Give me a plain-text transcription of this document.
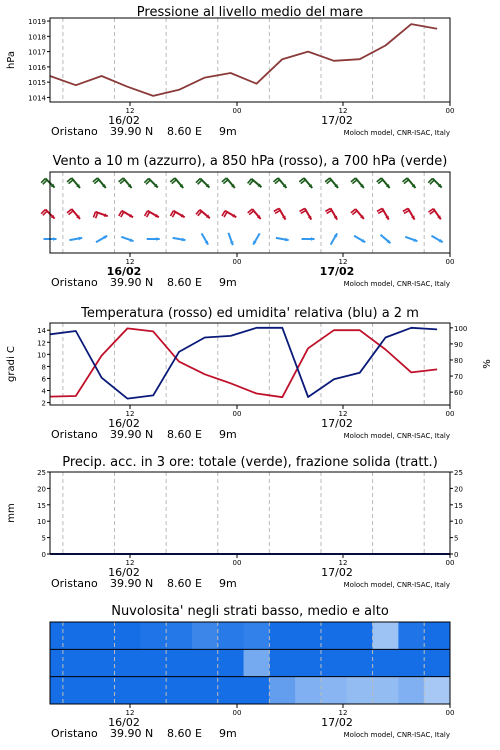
Pressione al livello medio del mare
1014
1015
1016
1017
1018
1019
hPa
12	00	12	00
16/02	17/02
Oristano 39.90 N 8.60 E 9m	Moloch model, CNR-ISAC, Italy
Vento a 10 m (azzurro), a 850 hPa (rosso), a 700 hPa (verde)
12	00	12	00
16/02	17/02
Oristano 39.90 N 8.60 E 9m	Moloch model, CNR-ISAC, Italy
Temperatura (rosso) ed umidita' relativa (blu) a 2 m
2
4
6
8
10
12
14
60
70
80
90
100
gradi C	%
12	00	12	00
16/02	17/02
Oristano 39.90 N 8.60 E 9m	Moloch model, CNR-ISAC, Italy
Precip. acc. in 3 ore: totale (verde), frazione solida (tratt.)
0
5
10
15
20
25
0
5
10
15
20
25
mm
12	00	12	00
16/02	17/02
Oristano 39.90 N 8.60 E 9m	Moloch model, CNR-ISAC, Italy
Nuvolosita' negli strati basso, medio e alto
12	00	12	00
16/02	17/02
Oristano 39.90 N 8.60 E 9m	Moloch model, CNR-ISAC, Italy
